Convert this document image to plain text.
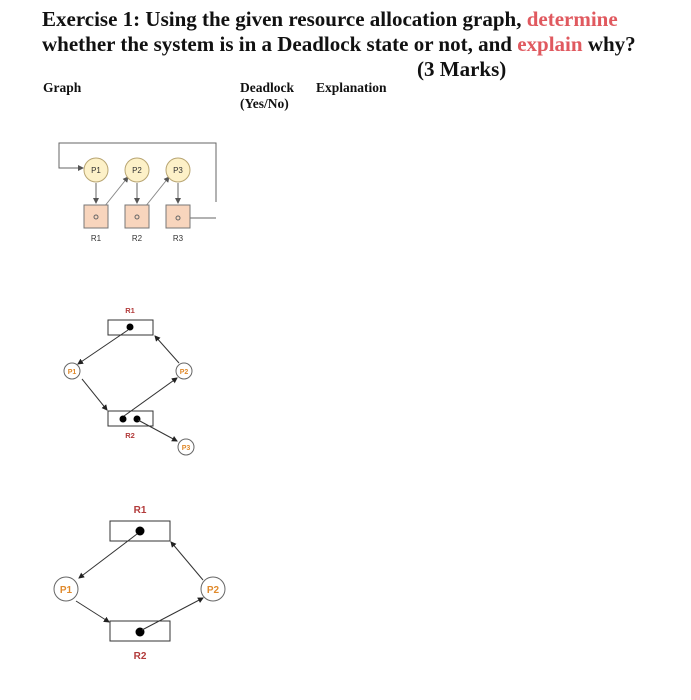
Exercise 1: Using the given resource allocation graph, determine
whether the system is in a Deadlock state or not, and explain why?
(3 Marks)
Graph	Deadlock
(Yes/No)
Explanation
P1	P2	P3
R1	R2	R3
P1	P2
P3
R1
R2
P1	P2
R1
R2
